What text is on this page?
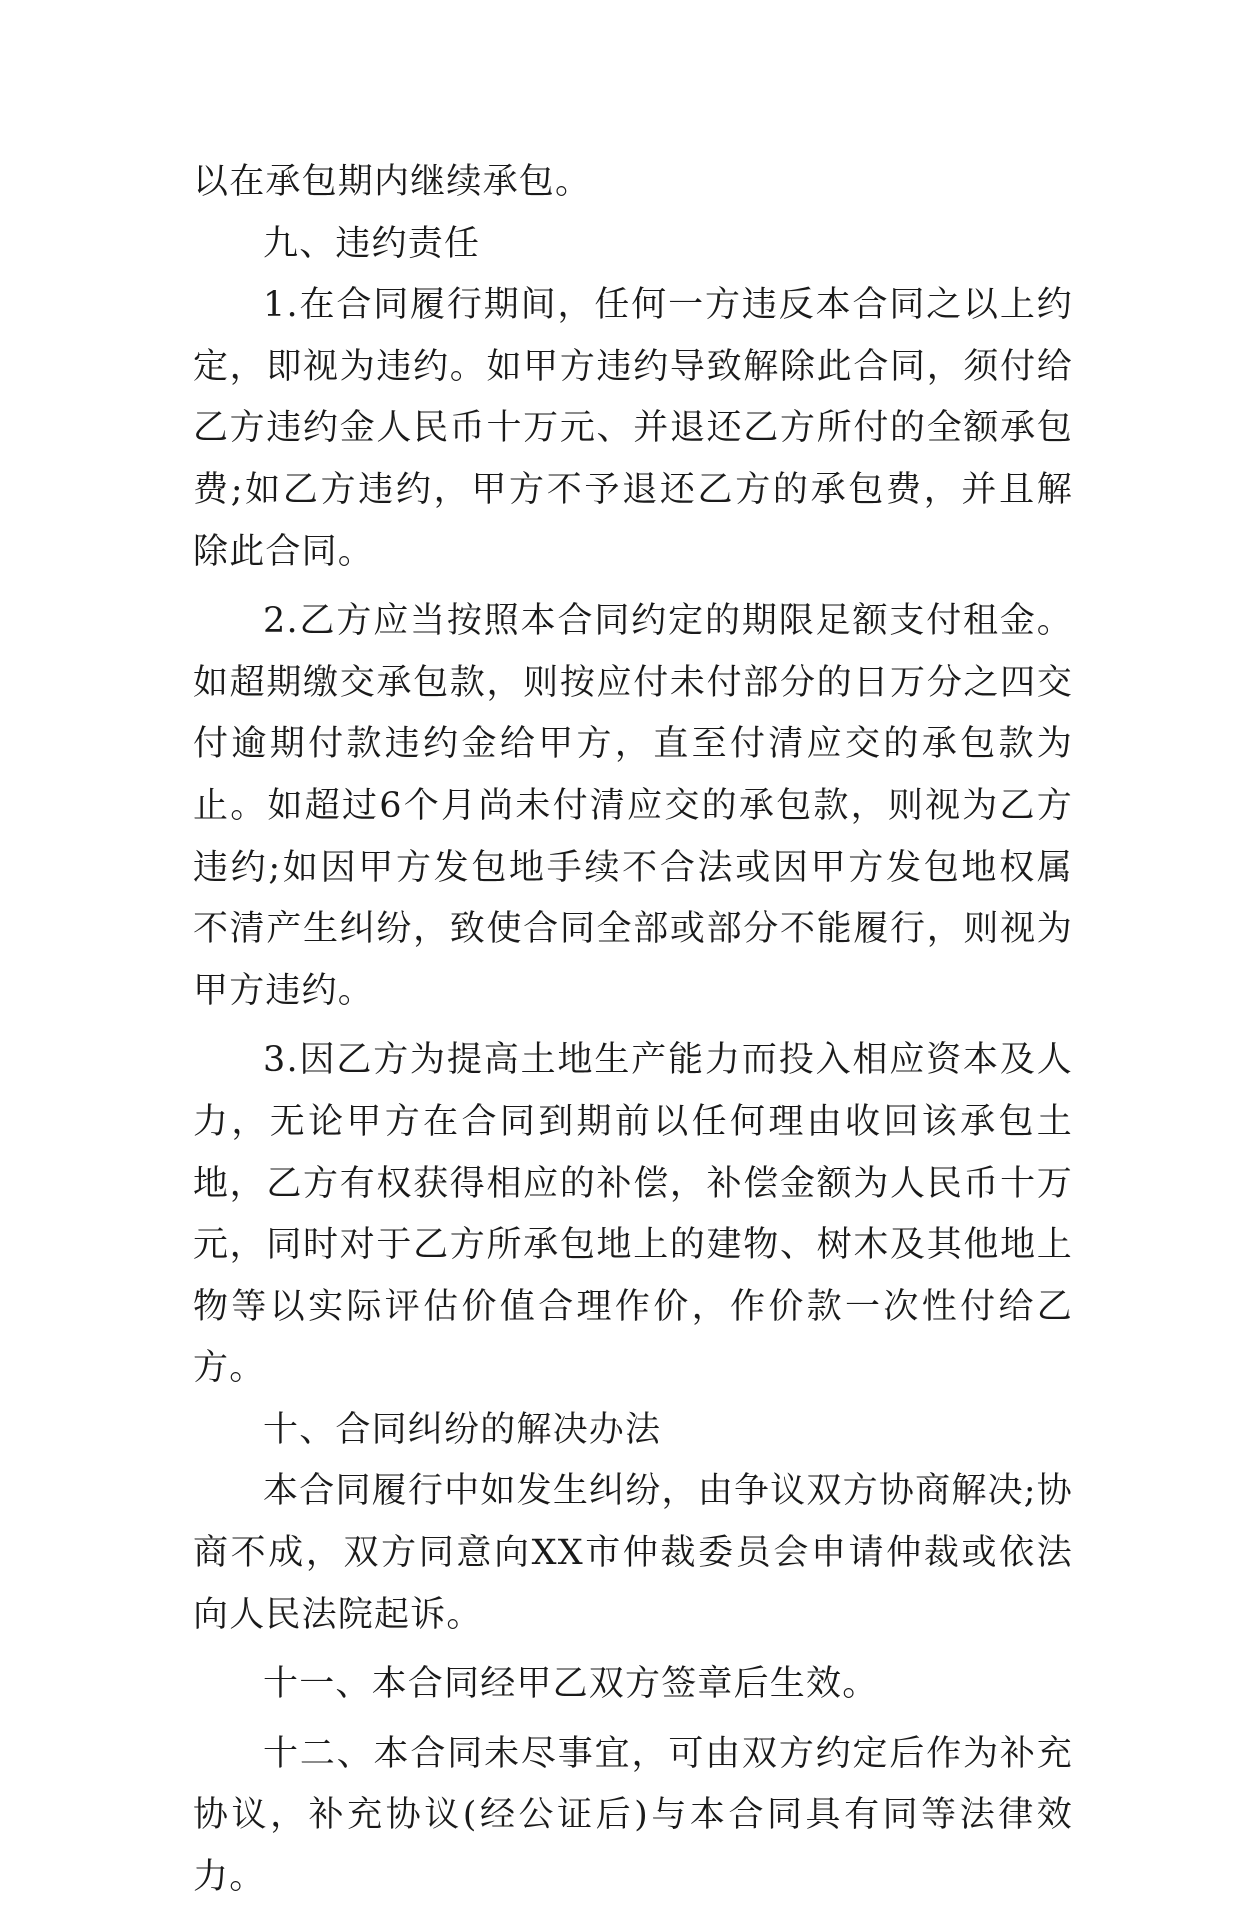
以在承包期内继续承包。

九、违约责任

1.在合同履行期间，任何一方违反本合同之以上约定，即视为违约。如甲方违约导致解除此合同，须付给乙方违约金人民币十万元、并退还乙方所付的全额承包费;如乙方违约，甲方不予退还乙方的承包费，并且解除此合同。

2.乙方应当按照本合同约定的期限足额支付租金。如超期缴交承包款，则按应付未付部分的日万分之四交付逾期付款违约金给甲方，直至付清应交的承包款为止。如超过6个月尚未付清应交的承包款，则视为乙方违约;如因甲方发包地手续不合法或因甲方发包地权属不清产生纠纷，致使合同全部或部分不能履行，则视为甲方违约。

3.因乙方为提高土地生产能力而投入相应资本及人力，无论甲方在合同到期前以任何理由收回该承包土地，乙方有权获得相应的补偿，补偿金额为人民币十万元，同时对于乙方所承包地上的建物、树木及其他地上物等以实际评估价值合理作价，作价款一次性付给乙方。

十、合同纠纷的解决办法

本合同履行中如发生纠纷，由争议双方协商解决;协商不成，双方同意向XX市仲裁委员会申请仲裁或依法向人民法院起诉。

十一、本合同经甲乙双方签章后生效。

十二、本合同未尽事宜，可由双方约定后作为补充协议，补充协议(经公证后)与本合同具有同等法律效力。
